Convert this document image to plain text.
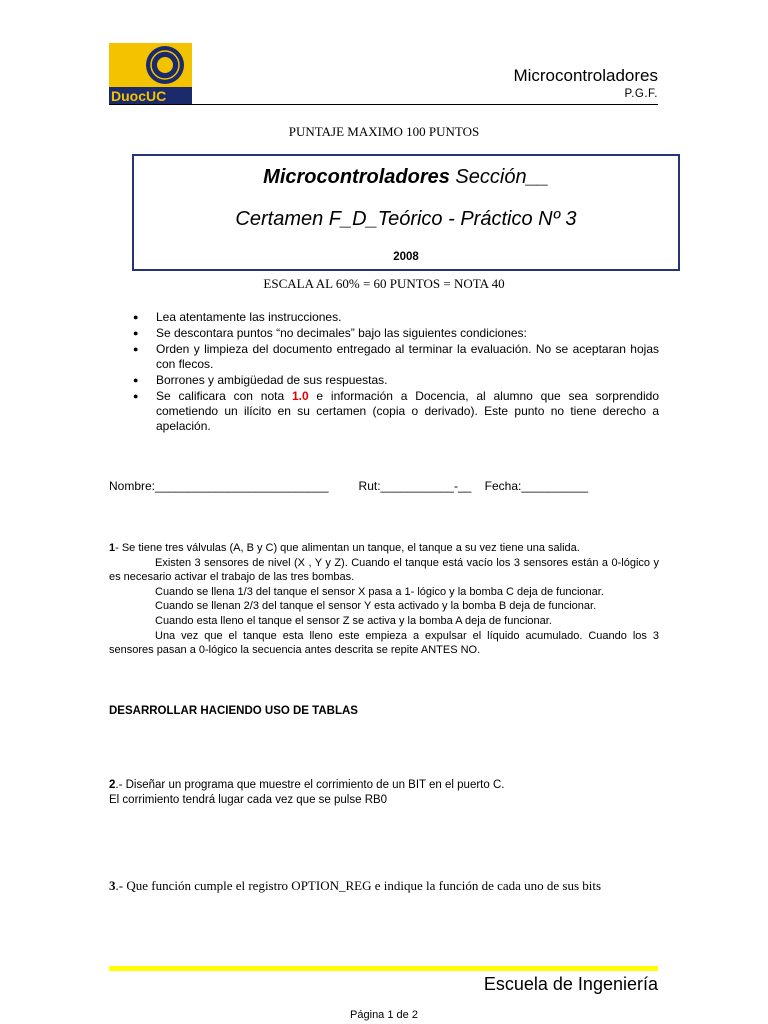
DuocUC
Microcontroladores
P.G.F.
PUNTAJE MAXIMO 100 PUNTOS
Microcontroladores Sección__
Certamen F_D_Teórico - Práctico Nº 3
2008
ESCALA AL 60% = 60 PUNTOS = NOTA 40
● Lea atentamente las instrucciones.
● Se descontara puntos “no decimales” bajo las siguientes condiciones:
● Orden y limpieza del documento entregado al terminar la evaluación. No se aceptaran hojas con flecos.
● Borrones y ambigüedad de sus respuestas.
● Se calificara con nota 1.0 e información a Docencia, al alumno que sea sorprendido cometiendo un ilícito en su certamen (copia o derivado). Este punto no tiene derecho a apelación.
Nombre:__________________________         Rut:___________-__    Fecha:__________

1- Se tiene tres válvulas (A, B y C) que alimentan un tanque, el tanque a su vez tiene una salida.

Existen 3 sensores de nivel (X , Y y Z). Cuando el tanque está vacío los 3 sensores están a 0-lógico y es necesario activar el trabajo de las tres bombas.

Cuando se llena 1/3 del tanque el sensor X pasa a 1- lógico y la bomba C deja de funcionar.

Cuando se llenan 2/3 del tanque el sensor Y esta activado y la bomba B deja de funcionar.

Cuando esta lleno el tanque el sensor Z se activa y la bomba A deja de funcionar.

Una vez que el tanque esta lleno este empieza a expulsar el líquido acumulado. Cuando los 3 sensores pasan a 0-lógico la secuencia antes descrita se repite ANTES NO.

DESARROLLAR HACIENDO USO DE TABLAS

2.- Diseñar un programa que muestre el corrimiento de un BIT en el puerto C.

El corrimiento tendrá lugar cada vez que se pulse RB0

3.- Que función cumple el registro OPTION_REG e indique la función de cada uno de sus bits
Escuela de Ingeniería
Página 1 de 2
